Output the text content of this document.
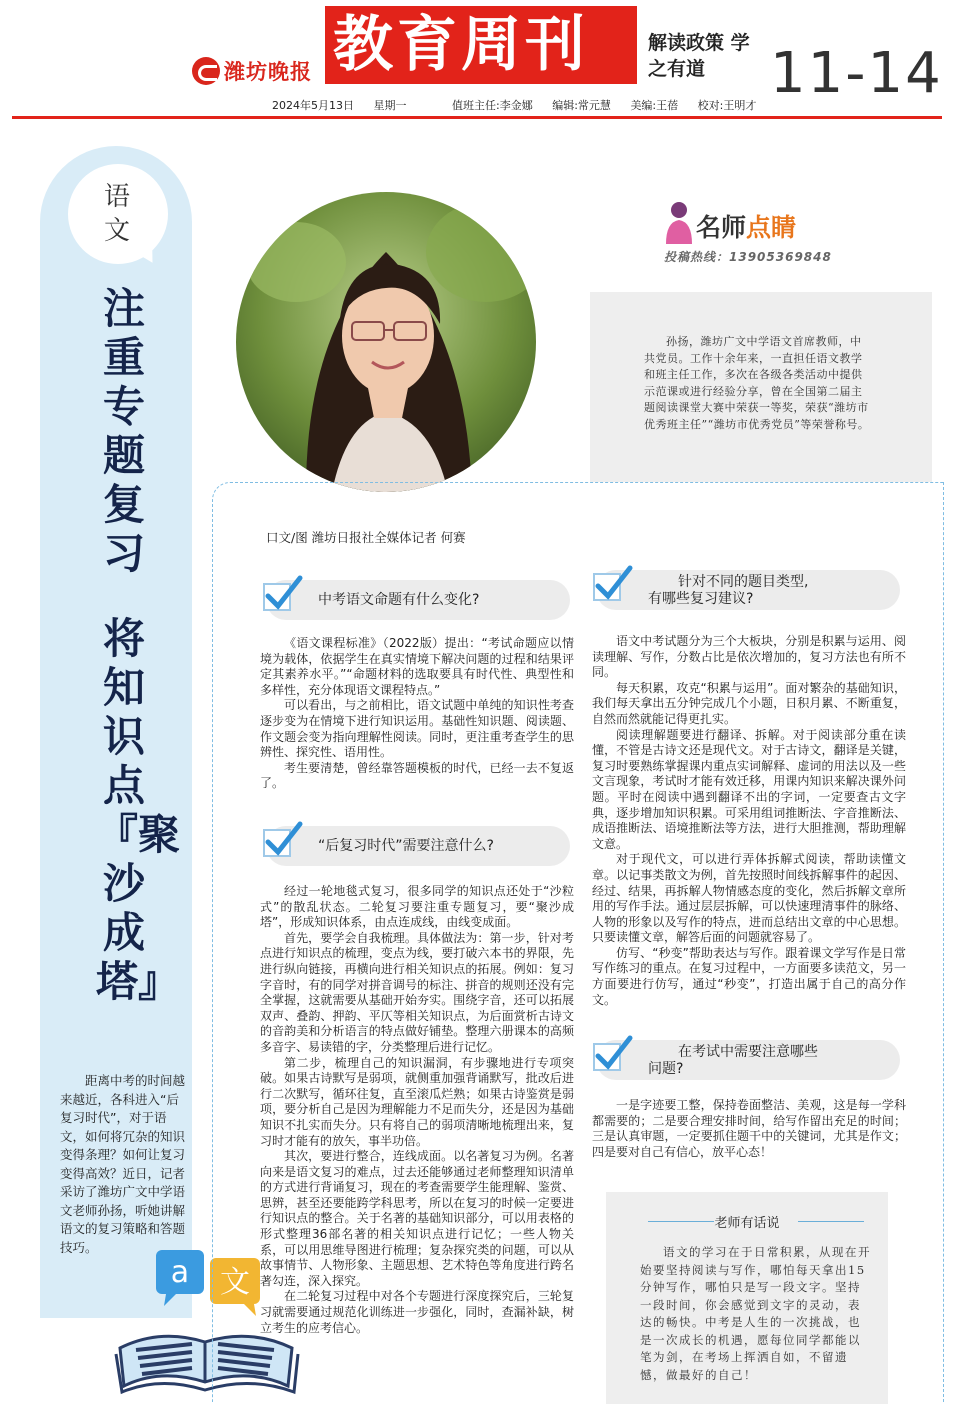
潍坊晚报 教育周刊	解读政策 学之有道	11-14
2024年5月13日 星期一	值班主任:李金娜 编辑:常元慧 美编:王蓓 校对:王明才
语文
注重专题复习
将知识点『聚沙成塔』
距离中考的时间越来越近，各科进入“后复习时代”，对于语文，如何将冗杂的知识变得条理？如何让复习变得高效？近日，记者采访了潍坊广文中学语文老师孙扬，听她讲解语文的复习策略和答题技巧。
a 文
名师点睛
投稿热线：13905369848
孙扬，潍坊广文中学语文首席教师，中共党员。工作十余年来，一直担任语文教学和班主任工作，多次在各级各类活动中提供示范课或进行经验分享，曾在全国第二届主题阅读课堂大赛中荣获一等奖，荣获“潍坊市优秀班主任”“潍坊市优秀党员”等荣誉称号。
口文/图 潍坊日报社全媒体记者 何赛
中考语文命题有什么变化?

《语文课程标准》（2022版）提出：“考试命题应以情境为载体，依据学生在真实情境下解决问题的过程和结果评定其素养水平。”“命题材料的选取要具有时代性、典型性和多样性，充分体现语文课程特点。”

可以看出，与之前相比，语文试题中单纯的知识性考查逐步变为在情境下进行知识运用。基础性知识题、阅读题、作文题会变为指向理解性阅读。同时，更注重考查学生的思辨性、探究性、语用性。

考生要清楚，曾经靠答题模板的时代，已经一去不复返了。

“后复习时代”需要注意什么?

经过一轮地毯式复习，很多同学的知识点还处于“沙粒式”的散乱状态。二轮复习要注重专题复习，要“聚沙成塔”，形成知识体系，由点连成线，由线变成面。

首先，要学会自我梳理。具体做法为：第一步，针对考点进行知识点的梳理，变点为线，要打破六本书的界限，先进行纵向链接，再横向进行相关知识点的拓展。例如：复习字音时，有的同学对拼音调号的标注、拼音的规则还没有完全掌握，这就需要从基础开始夯实。围绕字音，还可以拓展双声、叠韵、押韵、平仄等相关知识点，为后面赏析古诗文的音韵美和分析语言的特点做好铺垫。整理六册课本的高频多音字、易读错的字，分类整理后进行记忆。

第二步，梳理自己的知识漏洞，有步骤地进行专项突破。如果古诗默写是弱项，就侧重加强背诵默写，批改后进行二次默写，循环往复，直至滚瓜烂熟；如果古诗鉴赏是弱项，要分析自己是因为理解能力不足而失分，还是因为基础知识不扎实而失分。只有将自己的弱项清晰地梳理出来，复习时才能有的放矢，事半功倍。

其次，要进行整合，连线成面。以名著复习为例。名著向来是语文复习的难点，过去还能够通过老师整理知识清单的方式进行背诵复习，现在的考查需要学生能理解、鉴赏、思辨，甚至还要能跨学科思考，所以在复习的时候一定要进行知识点的整合。关于名著的基础知识部分，可以用表格的形式整理36部名著的相关知识点进行记忆；一些人物关系，可以用思维导图进行梳理；复杂探究类的问题，可以从故事情节、人物形象、主题思想、艺术特色等角度进行跨名著勾连，深入探究。

在二轮复习过程中对各个专题进行深度探究后，三轮复习就需要通过规范化训练进一步强化，同时，查漏补缺，树立考生的应考信心。

针对不同的题目类型,
有哪些复习建议?

语文中考试题分为三个大板块，分别是积累与运用、阅读理解、写作，分数占比是依次增加的，复习方法也有所不同。

每天积累，攻克“积累与运用”。面对繁杂的基础知识，我们每天拿出五分钟完成几个小题，日积月累、不断重复，自然而然就能记得更扎实。

阅读理解题要进行翻译、拆解。对于阅读部分重在读懂，不管是古诗文还是现代文。对于古诗文，翻译是关键，复习时要熟练掌握课内重点实词解释、虚词的用法以及一些文言现象，考试时才能有效迁移，用课内知识来解决课外问题。平时在阅读中遇到翻译不出的字词，一定要查古文字典，逐步增加知识积累。可采用组词推断法、字音推断法、成语推断法、语境推断法等方法，进行大胆推测，帮助理解文意。

对于现代文，可以进行弄体拆解式阅读，帮助读懂文章。以记事类散文为例，首先按照时间线拆解事件的起因、经过、结果，再拆解人物情感态度的变化，然后拆解文章所用的写作手法。通过层层拆解，可以快速理清事件的脉络、人物的形象以及写作的特点，进而总结出文章的中心思想。只要读懂文章，解答后面的问题就容易了。

仿写、“秒变”帮助表达与写作。跟着课文学写作是日常写作练习的重点。在复习过程中，一方面要多读范文，另一方面要进行仿写，通过“秒变”，打造出属于自己的高分作文。

在考试中需要注意哪些
问题?

一是字迹要工整，保持卷面整洁、美观，这是每一学科都需要的；二是要合理安排时间，给写作留出充足的时间；三是认真审题，一定要抓住题干中的关键词，尤其是作文；四是要对自己有信心，放平心态！

老师有话说
语文的学习在于日常积累，从现在开始要坚持阅读与写作，哪怕每天拿出15分钟写作，哪怕只是写一段文字。坚持一段时间，你会感觉到文字的灵动，表达的畅快。中考是人生的一次挑战，也是一次成长的机遇，愿每位同学都能以笔为剑，在考场上挥洒自如，不留遗憾，做最好的自己！
